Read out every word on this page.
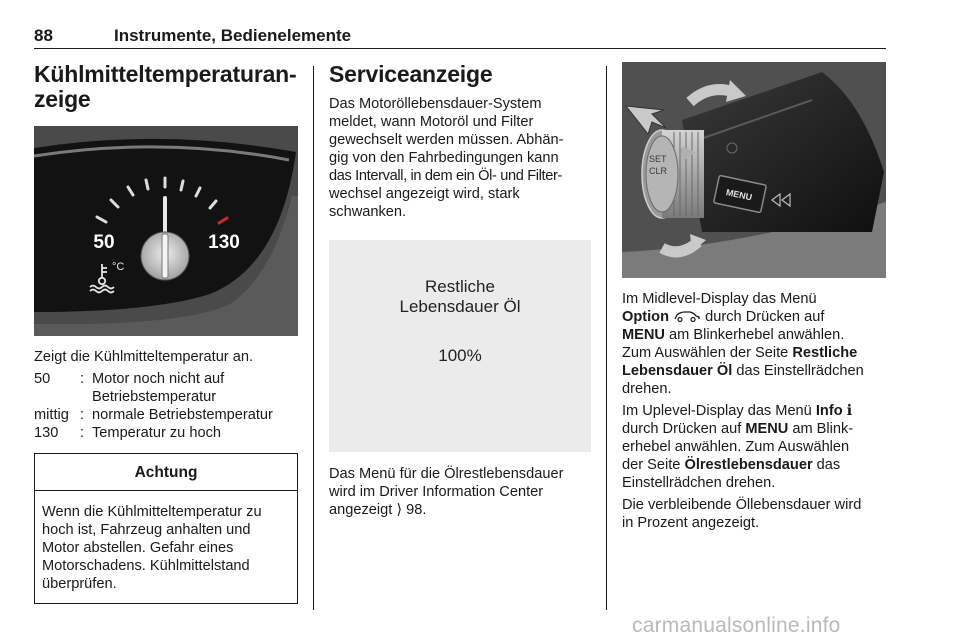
88	Instrumente, Bedienelemente
Kühlmitteltemperaturan-
zeige
50	130
°C

Zeigt die Kühlmitteltemperatur an.

50	: Motor noch nicht auf
Betriebstemperatur
mittig : normale Betriebstemperatur
130	: Temperatur zu hoch
Achtung
Wenn die Kühlmitteltemperatur zu
hoch ist, Fahrzeug anhalten und
Motor abstellen. Gefahr eines
Motorschadens. Kühlmittelstand
überprüfen.
Serviceanzeige

Das Motoröllebensdauer-System
meldet, wann Motoröl und Filter
gewechselt werden müssen. Abhän-
gig von den Fahrbedingungen kann
das Intervall, in dem ein Öl- und Filter-
wechsel angezeigt wird, stark
schwanken.

Restliche
Lebensdauer Öl
100%

Das Menü für die Ölrestlebensdauer
wird im Driver Information Center
angezeigt ⟩ 98.

SET
CLR
MENU

Im Midlevel-Display das Menü
Option  durch Drücken auf
MENU am Blinkerhebel anwählen.
Zum Auswählen der Seite Restliche
Lebensdauer Öl das Einstellrädchen
drehen.

Im Uplevel-Display das Menü Info ℹ
durch Drücken auf MENU am Blink-
erhebel anwählen. Zum Auswählen
der Seite Ölrestlebensdauer das
Einstellrädchen drehen.

Die verbleibende Öllebensdauer wird
in Prozent angezeigt.

carmanualsonline.info
